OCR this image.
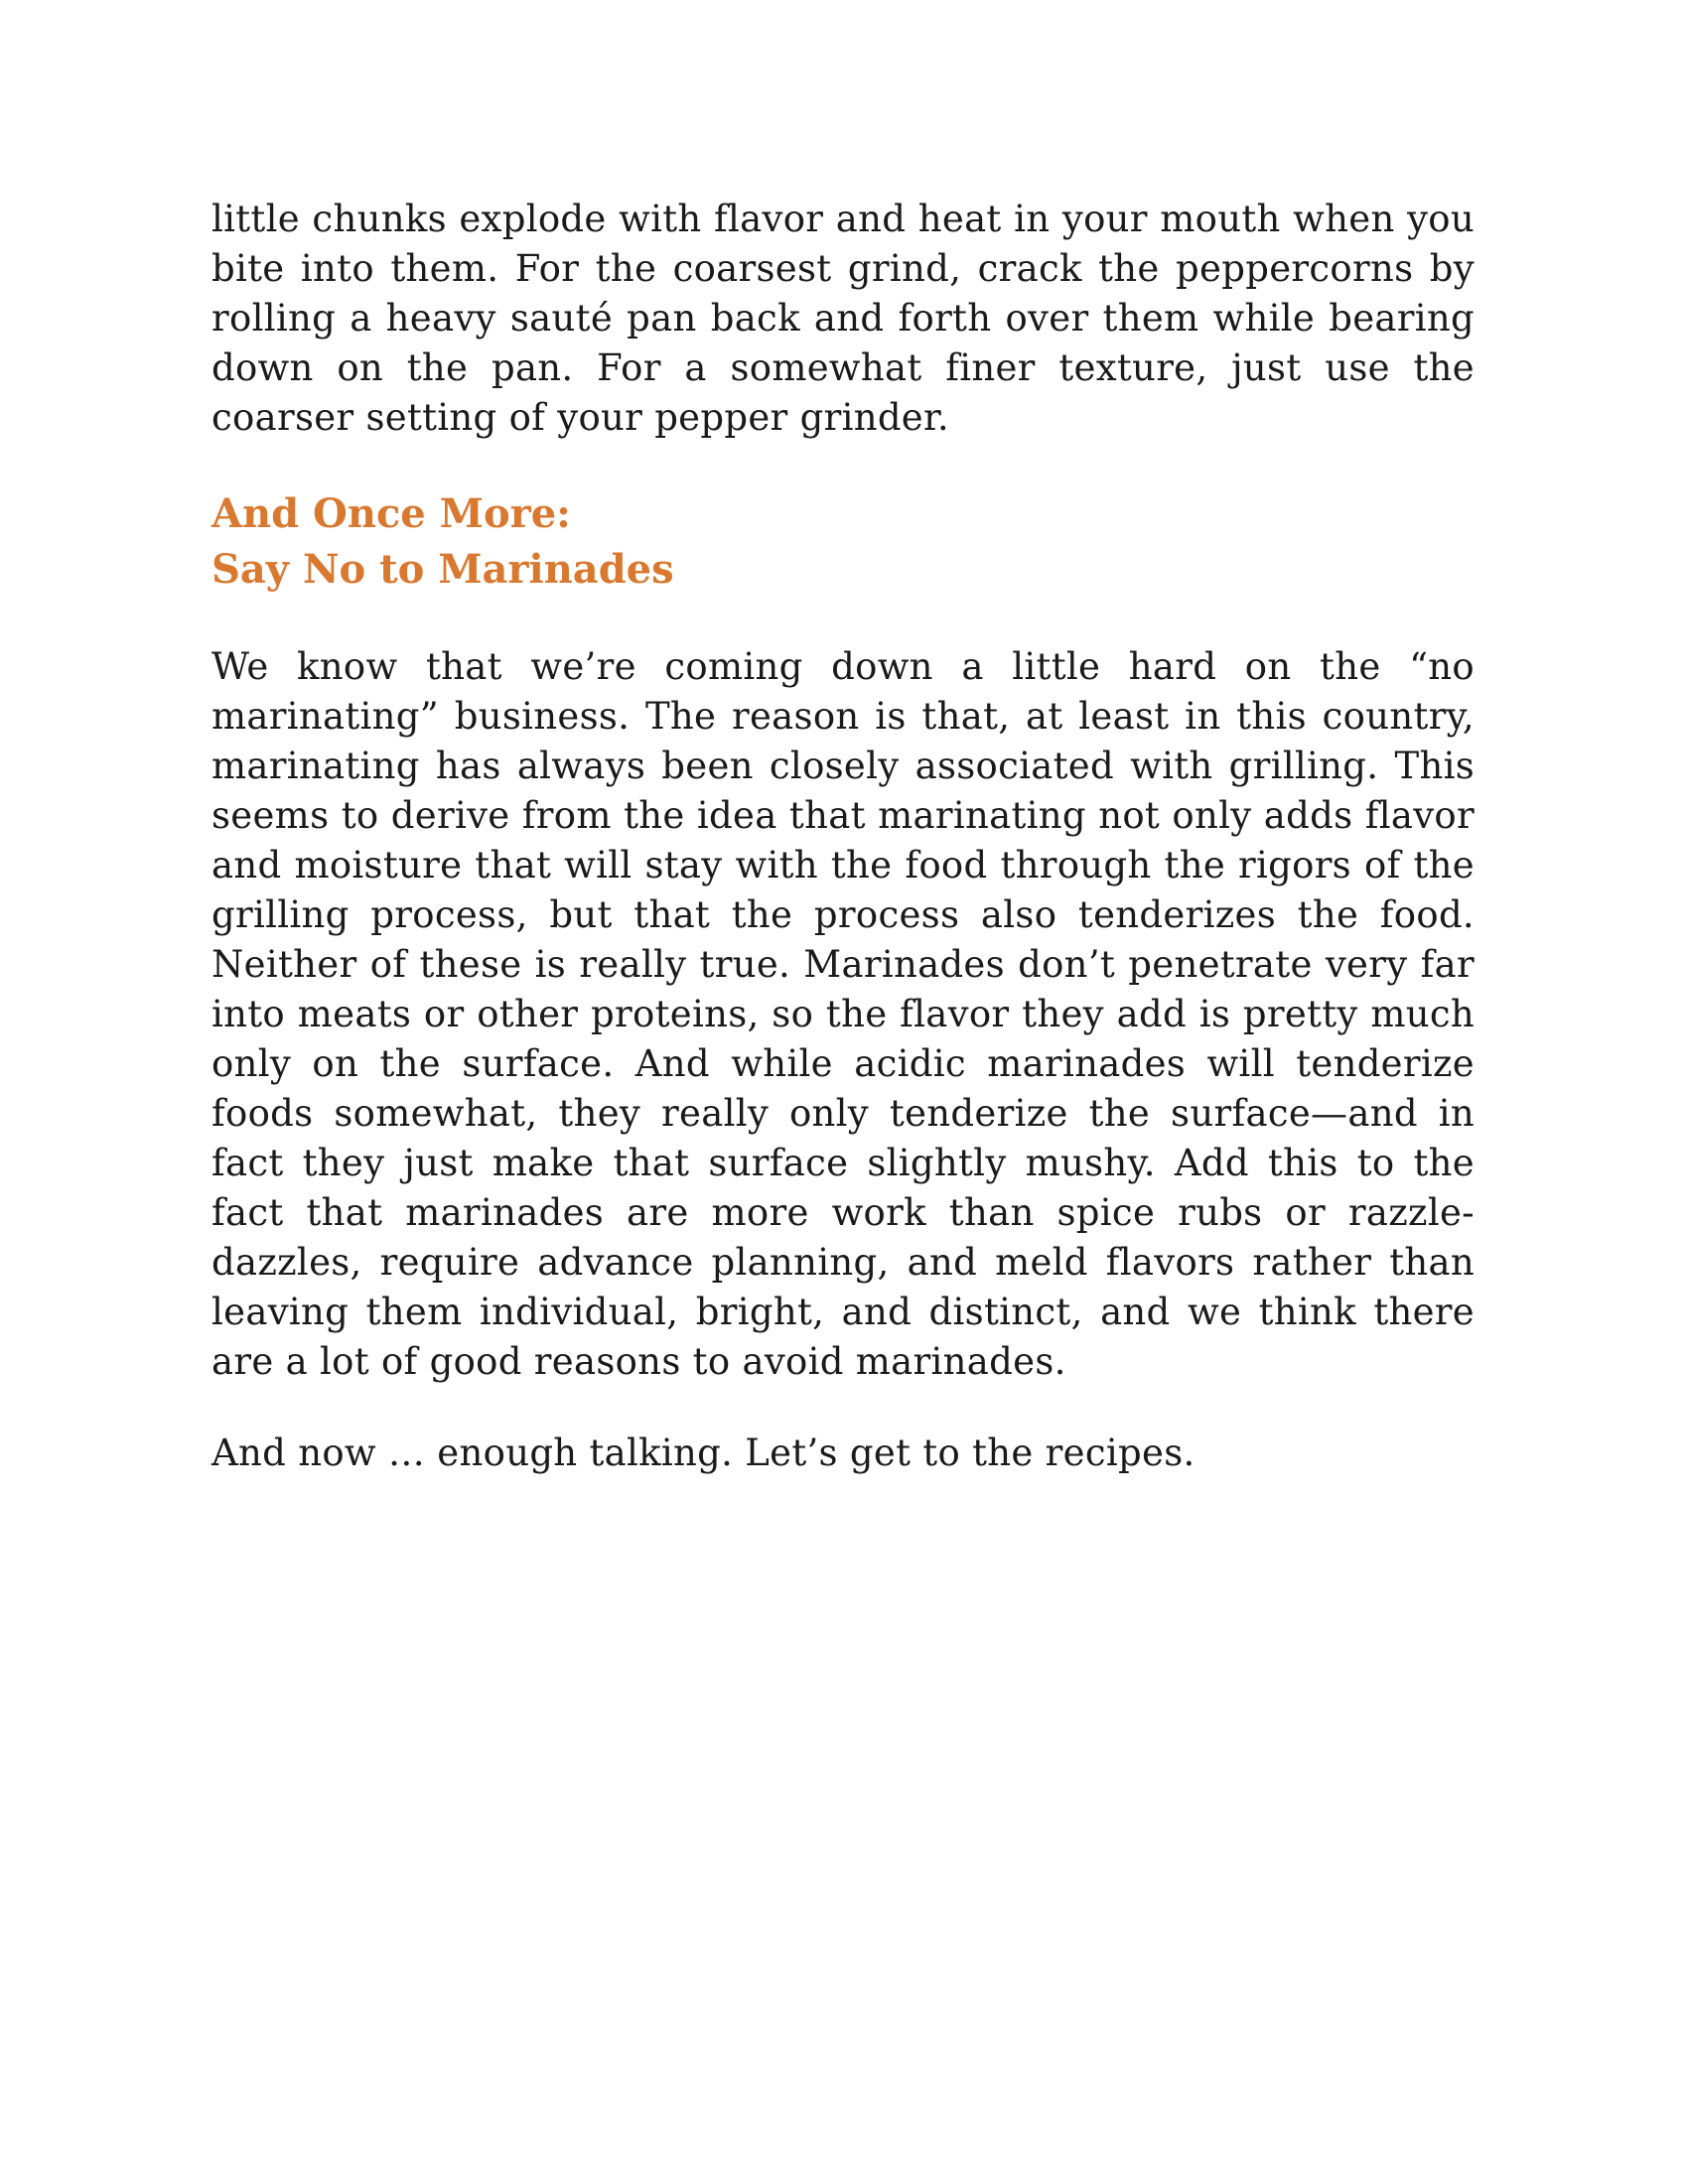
little chunks explode with flavor and heat in your mouth when you bite into them. For the coarsest grind, crack the peppercorns by rolling a heavy sauté pan back and forth over them while bearing down on the pan. For a somewhat finer texture, just use the coarser setting of your pepper grinder.

And Once More:
Say No to Marinades

We know that we’re coming down a little hard on the “no marinating” business. The reason is that, at least in this country, marinating has always been closely associated with grilling. This seems to derive from the idea that marinating not only adds flavor and moisture that will stay with the food through the rigors of the grilling process, but that the process also tenderizes the food. Neither of these is really true. Marinades don’t penetrate very far into meats or other proteins, so the flavor they add is pretty much only on the surface. And while acidic marinades will tenderize foods somewhat, they really only tenderize the surface—and in fact they just make that surface slightly mushy. Add this to the fact that marinades are more work than spice rubs or razzle-dazzles, require advance planning, and meld flavors rather than leaving them individual, bright, and distinct, and we think there are a lot of good reasons to avoid marinades.

And now … enough talking. Let’s get to the recipes.
